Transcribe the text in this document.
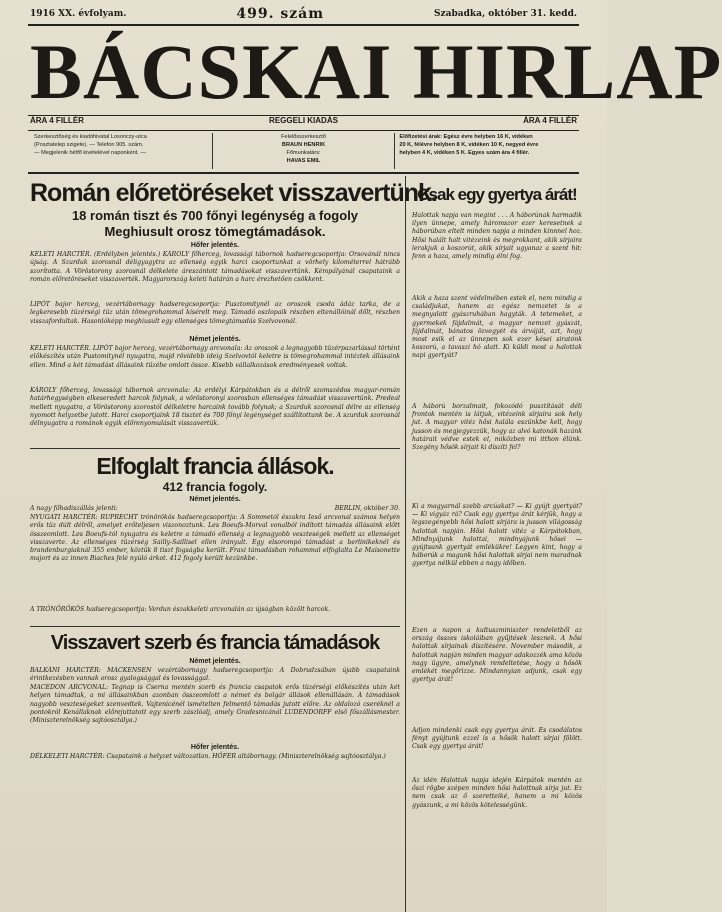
1916 XX. évfolyam.	499. szám	Szabadka, október 31. kedd.
BÁCSKAI HIRLAP
ÁRA 4 FILLÉR	REGGELI KIADÁS	ÁRA 4 FILLÉR
Szerkesztőség és kiadóhivatal Losonczy-utca
(Posztatelep szigete). — Telefon 905. szám.
— Megjelenik hétfő kivételével naponként. —
Felelősszerkesztő
BRAUN HENRIK
Főmunkatárs:
HAVAS EMIL
Előfizetési árak: Egész évre helyben 16 K, vidéken
20 K, félévre helyben 8 K, vidéken 10 K, negyed évre
helyben 4 K, vidéken 5 K. Egyes szám ára 4 fillér.
Román előretöréseket visszavertünk.
18 román tiszt és 700 főnyi legénység a fogoly
Meghiusult orosz tömegtámadások.
Hőfer jelentés.
KELETI HARCTÉR. (Erdélyben jelentés.) KÁROLY főherceg, lovassági tábornok hadseregcsoportja: Orsovánál nincs újság. A Szurduk szorosnál déligyagytra az ellenség egyik harci csoportunkat a vörhely kilométerrel hátrább szorította. A Vöröstorony szorosnál délkelete áreszántott támadásokat visszavertünk. Kémpályánál csapataink a román előretöréseket visszaverték. Magyarország keleti határán a harc érezhetően csökkent.
LIPÓT bajor herceg, vezértábornagy hadseregcsoportja: Pusztomitynél az oroszok csoda ádáz tarka, de a legkeresebb tüzérségi tüz után tömegrohammal kísérelt meg. Támadó oszlopaik részben eltenállóinál dőlt, részben visszafordultak. Hasonlóképp meghiusult egy ellenséges tömegtámadás Szelvovonál.
Német jelentés.
KELETI HARCTÉR. LIPÓT bajor herceg, vezértábornagy arcvonala: Az oroszok a legnagyobb tüzérpazarlással történt előkészítés után Pustomitynél nyugatra, majd rövidebb ideig Szelvovtól keletre is tömegrohammal intéztek állásaink ellen. Mind a két támadást állásaink tüzébe omlott össze. Kisebb vállalkozások eredményesek voltak.
KÁROLY főherceg, lovassági tábornok arcvonala: Az erdélyi Kárpátokban és a délről szomszédos magyar-román határhegységben elkeseredett harcok folynak, a vöröstoronyi szorosban ellenséges támadást visszavertünk. Predeal mellett nyugatra, a Vöröstorony szorostól délkeletre harcaink tovább folynak; a Szurduk szorosnál délre az ellenség nyomott helyzetbe jutott. Harci csoportjaink 18 tisztet és 700 főnyi legénységet szállítottunk be. A szurduk szorosnál délnyugatra a románok egyik előrenyomulását visszavertük.
Elfoglalt francia állások.
412 francia fogoly.
Német jelentés.
A nagy főhadiszállás jelenti:	BERLIN, október 30.
NYUGATI HARCTÉR: RUPRECHT trónörökös hadseregcsoportja: A Sommetól északra Ieső arcvonal számos helyén erős tüz dúlt délről, amelyet erőteljesen viszonoztunk. Les Boeufs-Morval vonalból indított támadás állásaink előtt összeomlott. Les Boeufs-tól nyugatra és keletre a támadó ellenség a legnagyobb veszteségek mellett az ellenséget visszaverte. Az ellenséges tüzérség Sailly-Saillisel ellen irányult. Egy elsorompó támadást a berlinikeknél és brandenburgiaknál 355 ember, köztük 8 tiszt fogságba került. Fraxi támadásban rohammal elfoglalta Le Maisonette majort és az innen Biaches felé nyúló árkot. 412 fogoly került kezünkbe.
A TRÓNÖRÖKÖS hadseregcsoportja: Verdun északkeleti arcvonalán az újságban közölt harcok.
Visszavert szerb és francia támadások
Német jelentés.
BALKÁNI HARCTÉR: MACKENSEN vezértábornagy hadseregcsoportja: A Dobrudzsában újabb csapataink érintkezésben vannak orosz gyalogsággal és lovassággal.
MACEDON ARCVONAL: Tegnap is Cserna mentén szerb és francia csapatok erős tüzérségi előkészítés után két helyen támadtak, a mi állásainkban azonban összeomlott a német és bolgár állások ellenállásán. A támadások nagyobb veszteségeket szenvedtek. Vajtenicénél ismételten felmentő támadás jutott előre. Az oldalozó cseréknél a pontokról Kenállaknak előrejuttatott egy szerb zászlóalj, amely Gradesnicánál LUDENDORFF első főszállásmester. (Miniszterelnökség sajtóosztálya.)
Hőfer jelentés.
DÉLKELETI HARCTÉR: Csapataink a helyzet változatlan. HŐFER altábornagy. (Miniszterelnökség sajtóosztálya.)
Csak egy gyertya árát!
Halottak napja van megint . . . A háborúnak harmadik ilyen ünnepe, amely háromszor ezer keresetnek a háborúban eltelt minden napja a minden kinnnel hoz. Hősi halált halt vitézeink és megrokkant, akik sírjaira lerakjuk a koszorút, akik sírjait ugyanaz a szent hit: fenn a haza, amely mindig élni fog.
Akik a haza szent védelmében estek el, nem mindig a családjukat, hanem az egész nemzetet is a megnyalott gyászruhában hagyták. A tetemeket, a gyermekek fájdalmát, a magyar nemzet gyászát, fájdalmát, bánatos özvegyét és árváját, azt, hogy most esik el az ünnepen sok ezer kései siratónk koszorú, a tavaszi hó alatt. Ki küldi most a halottak napi gyertyát?
A háború borzalmait, fokozódó pusztítását déli frontok mentén is látjuk, vitézeink sírjaira sok hely jut. A magyar vitéz hősi halála eszünkbe kell, hogy jusson és megjegyezzük, hogy az alvó katonák hazánk határait védve estek el, miközben mi itthon élünk. Szegény hősök sírjait ki díszíti fel?
Ki a magyarnál szebb arcúakat? — Ki gyújt gyertyát? — Ki vigyáz rá? Csak egy gyertya árát kérjük, hogy a legszegényebb hősi halott sírjára is jusson világosság halottak napján. Hősi halott vitéz a Kárpátokban, Mindnyájunk halottai, mindnyájunk hősei — gyújtsunk gyertyát emlékükre! Legyen kint, hogy a háborúk a magunk hősi halottak sírjai nem maradnak gyertya nélkül ebben a nagy időben.
Ezen a napon a kultuszminiszter rendeletből az ország összes iskoláiban gyűjtések lesznek. A hősi halottak sírjainak díszítésére. November második, a halottak napján minden magyar adakozzék ama közös nagy ügyre, amelynek rendeltetése, hogy a hősök emlékét megőrizze. Mindannyian adjunk, csak egy gyertya árát!
Adjon mindenki csak egy gyertya árát. Es csodálatos fényt gyújtunk ezzel is a hősök halott sírjai fölött. Csak egy gyertya árát!
Az idén Halottak napja idején Kárpátok mentén az őszi rögbe szépen minden hősi halottnak sírja jut. Ez nem csak az ő szeretteiké, hanem a mi közös gyászunk, a mi közös kötelességünk.
